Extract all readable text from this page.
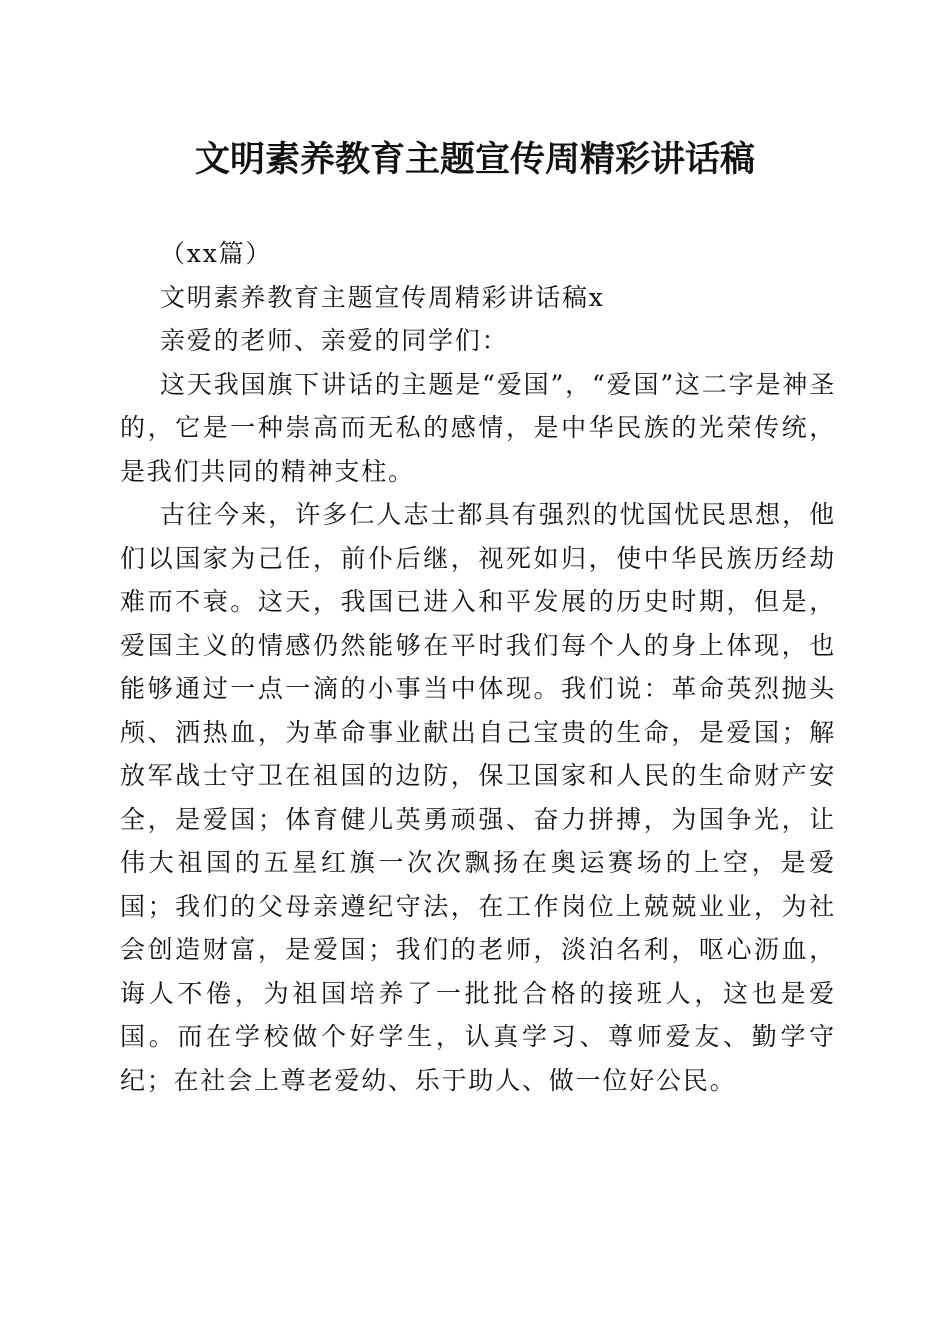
文明素养教育主题宣传周精彩讲话稿

（xx篇）

文明素养教育主题宣传周精彩讲话稿x

亲爱的老师、亲爱的同学们：

这天我国旗下讲话的主题是“爱国”，“爱国”这二字是神圣的，它是一种崇高而无私的感情，是中华民族的光荣传统，是我们共同的精神支柱。

古往今来，许多仁人志士都具有强烈的忧国忧民思想，他们以国家为己任，前仆后继，视死如归，使中华民族历经劫难而不衰。这天，我国已进入和平发展的历史时期，但是，爱国主义的情感仍然能够在平时我们每个人的身上体现，也能够通过一点一滴的小事当中体现。我们说：革命英烈抛头颅、洒热血，为革命事业献出自己宝贵的生命，是爱国；解放军战士守卫在祖国的边防，保卫国家和人民的生命财产安全，是爱国；体育健儿英勇顽强、奋力拼搏，为国争光，让伟大祖国的五星红旗一次次飘扬在奥运赛场的上空，是爱国；我们的父母亲遵纪守法，在工作岗位上兢兢业业，为社会创造财富，是爱国；我们的老师，淡泊名利，呕心沥血，诲人不倦，为祖国培养了一批批合格的接班人，这也是爱国。而在学校做个好学生，认真学习、尊师爱友、勤学守纪；在社会上尊老爱幼、乐于助人、做一位好公民。
